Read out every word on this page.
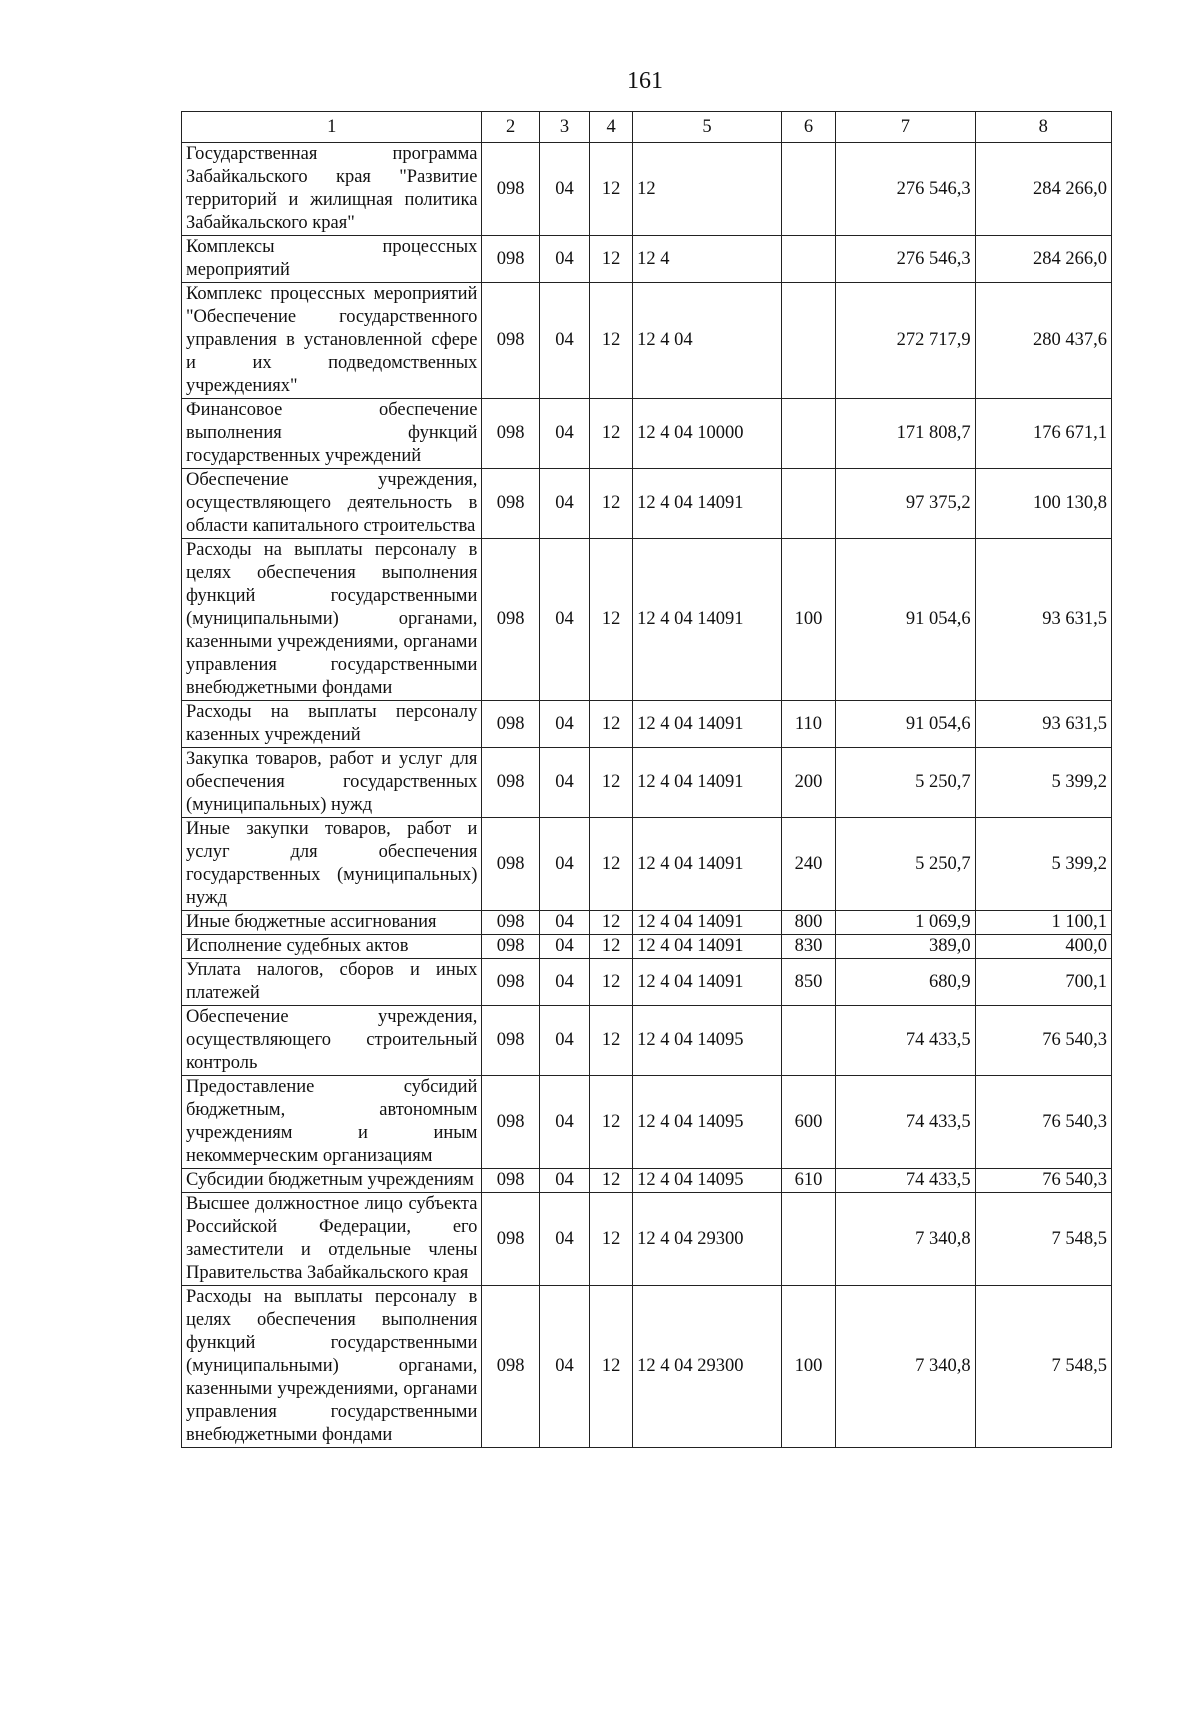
161
1	2	3	4	5	6	7	8
Государственная программа Забайкальского края "Развитие территорий и жилищная политика Забайкальского края"	098	04	12	12		276 546,3	284 266,0
Комплексы процессных мероприятий	098	04	12	12 4		276 546,3	284 266,0
Комплекс процессных мероприятий "Обеспечение государственного управления в установленной сфере и их подведомственных учреждениях"	098	04	12	12 4 04		272 717,9	280 437,6
Финансовое обеспечение выполнения функций государственных учреждений	098	04	12	12 4 04 10000		171 808,7	176 671,1
Обеспечение учреждения, осуществляющего деятельность в области капитального строительства	098	04	12	12 4 04 14091		97 375,2	100 130,8
Расходы на выплаты персоналу в целях обеспечения выполнения функций государственными (муниципальными) органами, казенными учреждениями, органами управления государственными внебюджетными фондами	098	04	12	12 4 04 14091	100	91 054,6	93 631,5
Расходы на выплаты персоналу казенных учреждений	098	04	12	12 4 04 14091	110	91 054,6	93 631,5
Закупка товаров, работ и услуг для обеспечения государственных (муниципальных) нужд	098	04	12	12 4 04 14091	200	5 250,7	5 399,2
Иные закупки товаров, работ и услуг для обеспечения государственных (муниципальных) нужд	098	04	12	12 4 04 14091	240	5 250,7	5 399,2
Иные бюджетные ассигнования	098	04	12	12 4 04 14091	800	1 069,9	1 100,1
Исполнение судебных актов	098	04	12	12 4 04 14091	830	389,0	400,0
Уплата налогов, сборов и иных платежей	098	04	12	12 4 04 14091	850	680,9	700,1
Обеспечение учреждения, осуществляющего строительный контроль	098	04	12	12 4 04 14095		74 433,5	76 540,3
Предоставление субсидий бюджетным, автономным учреждениям и иным некоммерческим организациям	098	04	12	12 4 04 14095	600	74 433,5	76 540,3
Субсидии бюджетным учреждениям	098	04	12	12 4 04 14095	610	74 433,5	76 540,3
Высшее должностное лицо субъекта Российской Федерации, его заместители и отдельные члены Правительства Забайкальского края	098	04	12	12 4 04 29300		7 340,8	7 548,5
Расходы на выплаты персоналу в целях обеспечения выполнения функций государственными (муниципальными) органами, казенными учреждениями, органами управления государственными внебюджетными фондами	098	04	12	12 4 04 29300	100	7 340,8	7 548,5
